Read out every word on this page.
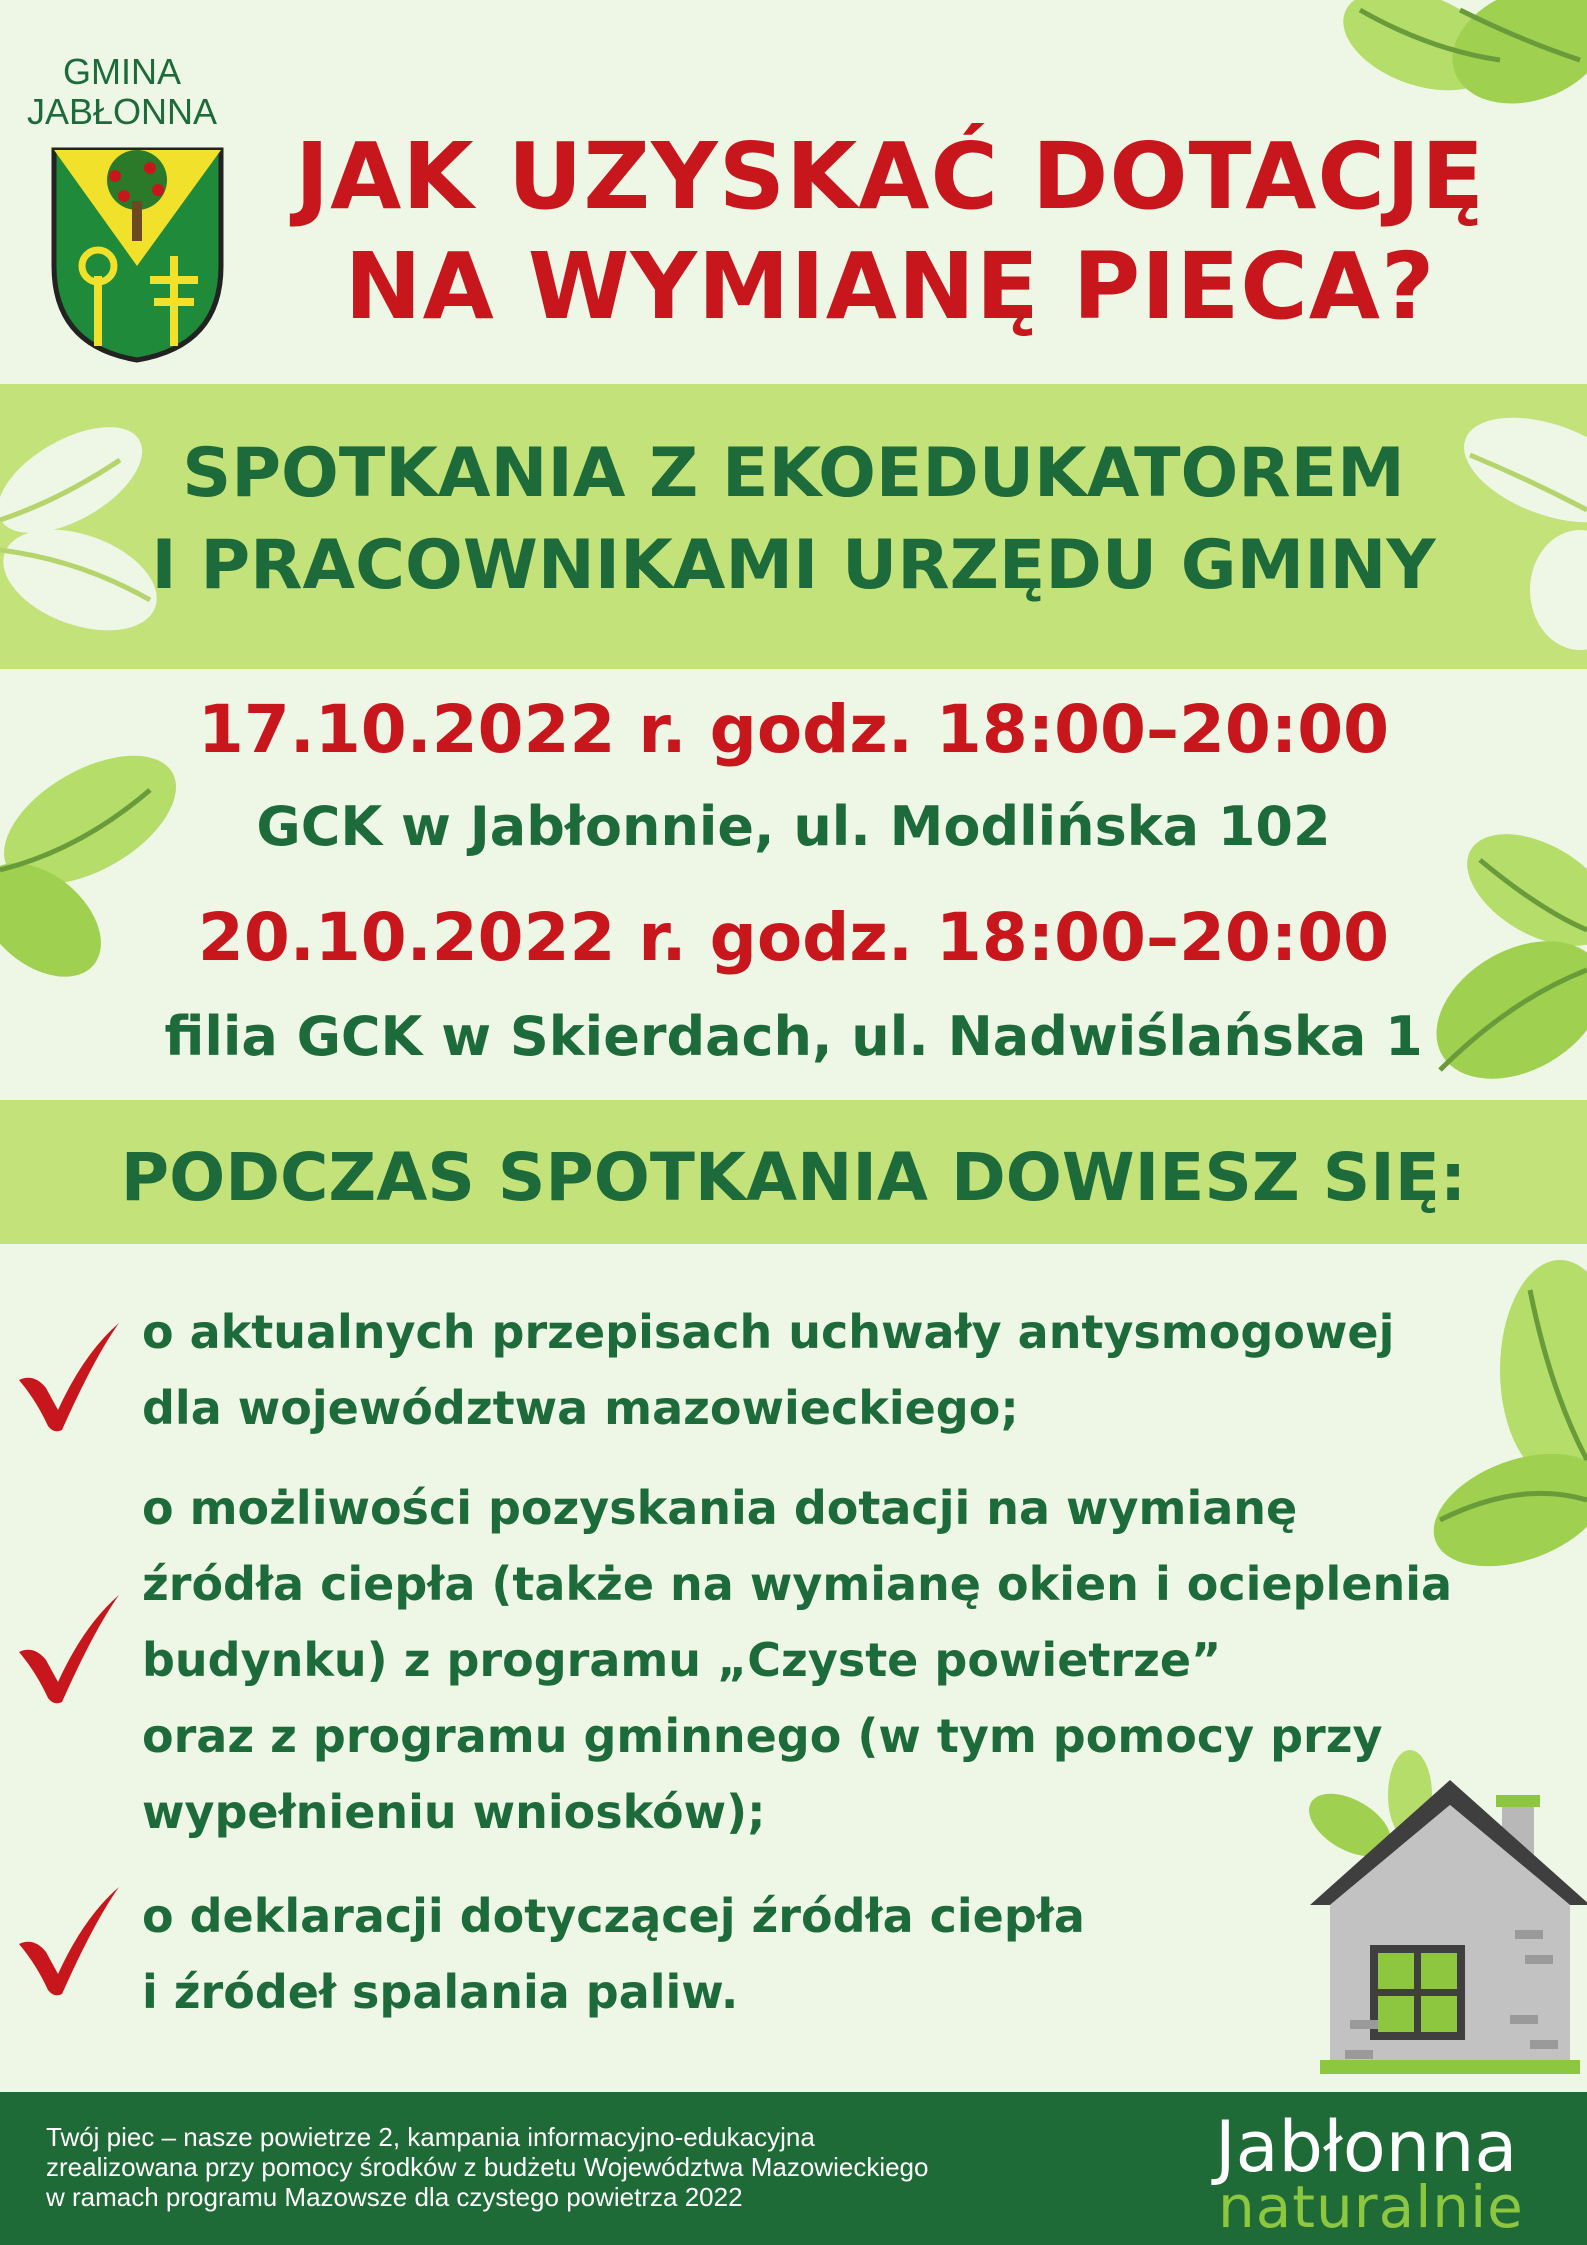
GMINA
JABŁONNA
JAK UZYSKAĆ DOTACJĘ
NA WYMIANĘ PIECA?
SPOTKANIA Z EKOEDUKATOREM
I PRACOWNIKAMI URZĘDU GMINY
17.10.2022 r. godz. 18:00–20:00
GCK w Jabłonnie, ul. Modlińska 102
20.10.2022 r. godz. 18:00–20:00
filia GCK w Skierdach, ul. Nadwiślańska 1
PODCZAS SPOTKANIA DOWIESZ SIĘ:
o aktualnych przepisach uchwały antysmogowej
dla województwa mazowieckiego;
o możliwości pozyskania dotacji na wymianę
źródła ciepła (także na wymianę okien i ocieplenia
budynku) z programu „Czyste powietrze”
oraz z programu gminnego (w tym pomocy przy
wypełnieniu wniosków);
o deklaracji dotyczącej źródła ciepła
i źródeł spalania paliw.
Twój piec – nasze powietrze 2, kampania informacyjno-edukacyjna
zrealizowana przy pomocy środków z budżetu Województwa Mazowieckiego
w ramach programu Mazowsze dla czystego powietrza 2022
Jabłonna
naturalnie
